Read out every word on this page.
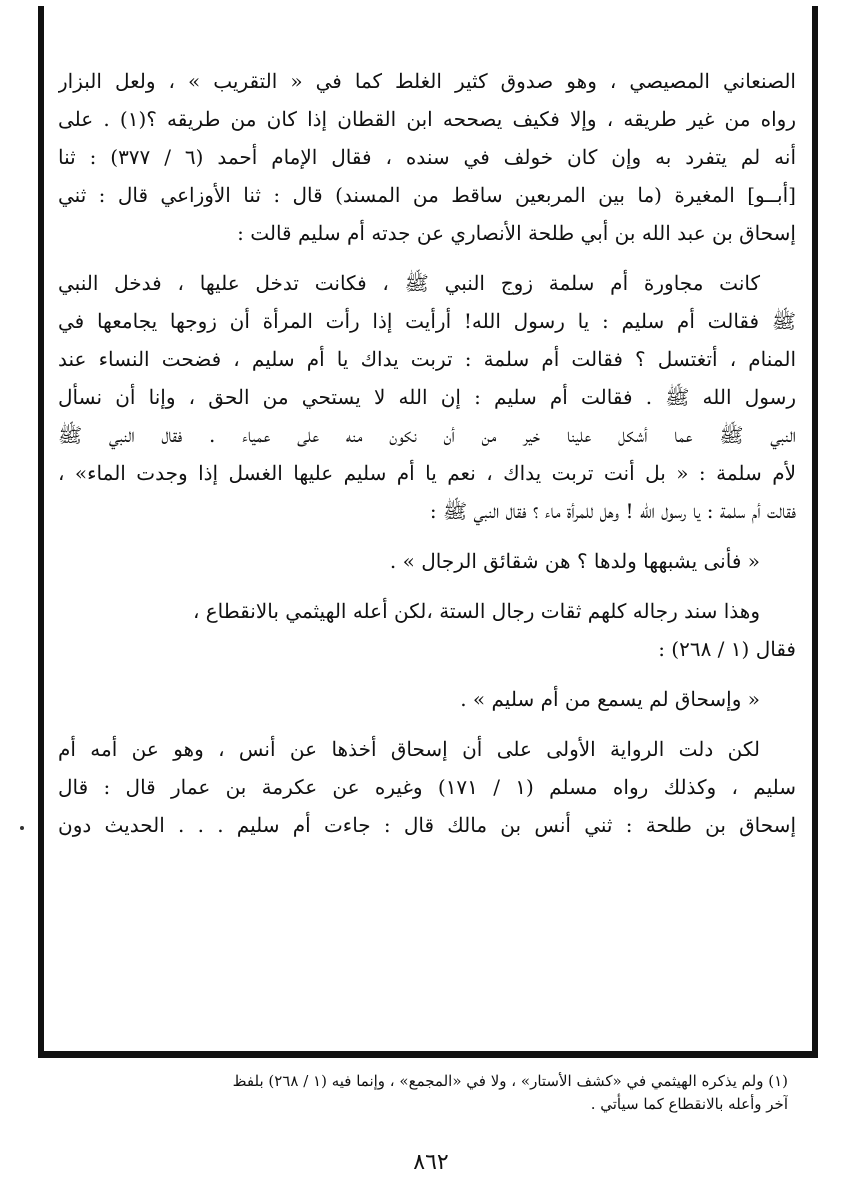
الصنعاني المصيصي ، وهو صدوق كثير الغلط كما في « التقريب » ، ولعل البزار
رواه من غير طريقه ، وإلا فكيف يصححه ابن القطان إذا كان من طريقه ؟(١) . على
أنه لم يتفرد به وإن كان خولف في سنده ، فقال الإمام أحمد (٦ / ٣٧٧) : ثنا
[أبــو] المغيرة (ما بين المربعين ساقط من المسند) قال : ثنا الأوزاعي قال : ثني
إسحاق بن عبد الله بن أبي طلحة الأنصاري عن جدته أم سليم قالت :
كانت مجاورة أم سلمة زوج النبي ﷺ ، فكانت تدخل عليها ، فدخل النبي
ﷺ فقالت أم سليم : يا رسول الله! أرأيت إذا رأت المرأة أن زوجها يجامعها في
المنام ، أتغتسل ؟ فقالت أم سلمة : تربت يداك يا أم سليم ، فضحت النساء عند
رسول الله ﷺ . فقالت أم سليم : إن الله لا يستحي من الحق ، وإنا أن نسأل
النبي ﷺ عما أشكل علينا خير من أن نكون منه على عمياء . فقال النبي ﷺ
لأم سلمة : « بل أنت تربت يداك ، نعم يا أم سليم عليها الغسل إذا وجدت الماء» ،
فقالت أم سلمة : يا رسول الله ! وهل للمرأة ماء ؟ فقال النبي ﷺ :
« فأنى يشبهها ولدها ؟ هن شقائق الرجال » .
وهذا سند رجاله كلهم ثقات رجال الستة ،لكن أعله الهيثمي بالانقطاع ،
فقال (١ / ٢٦٨) :
« وإسحاق لم يسمع من أم سليم » .
لكن دلت الرواية الأولى على أن إسحاق أخذها عن أنس ، وهو عن أمه أم
سليم ، وكذلك رواه مسلم (١ / ١٧١) وغيره عن عكرمة بن عمار قال : قال
إسحاق بن طلحة : ثني أنس بن مالك قال : جاءت أم سليم . . . الحديث دون
(١) ولم يذكره الهيثمي في «كشف الأستار» ، ولا في «المجمع» ، وإنما فيه (١ / ٢٦٨) بلفظ
آخر وأعله بالانقطاع كما سيأتي .
٨٦٢
